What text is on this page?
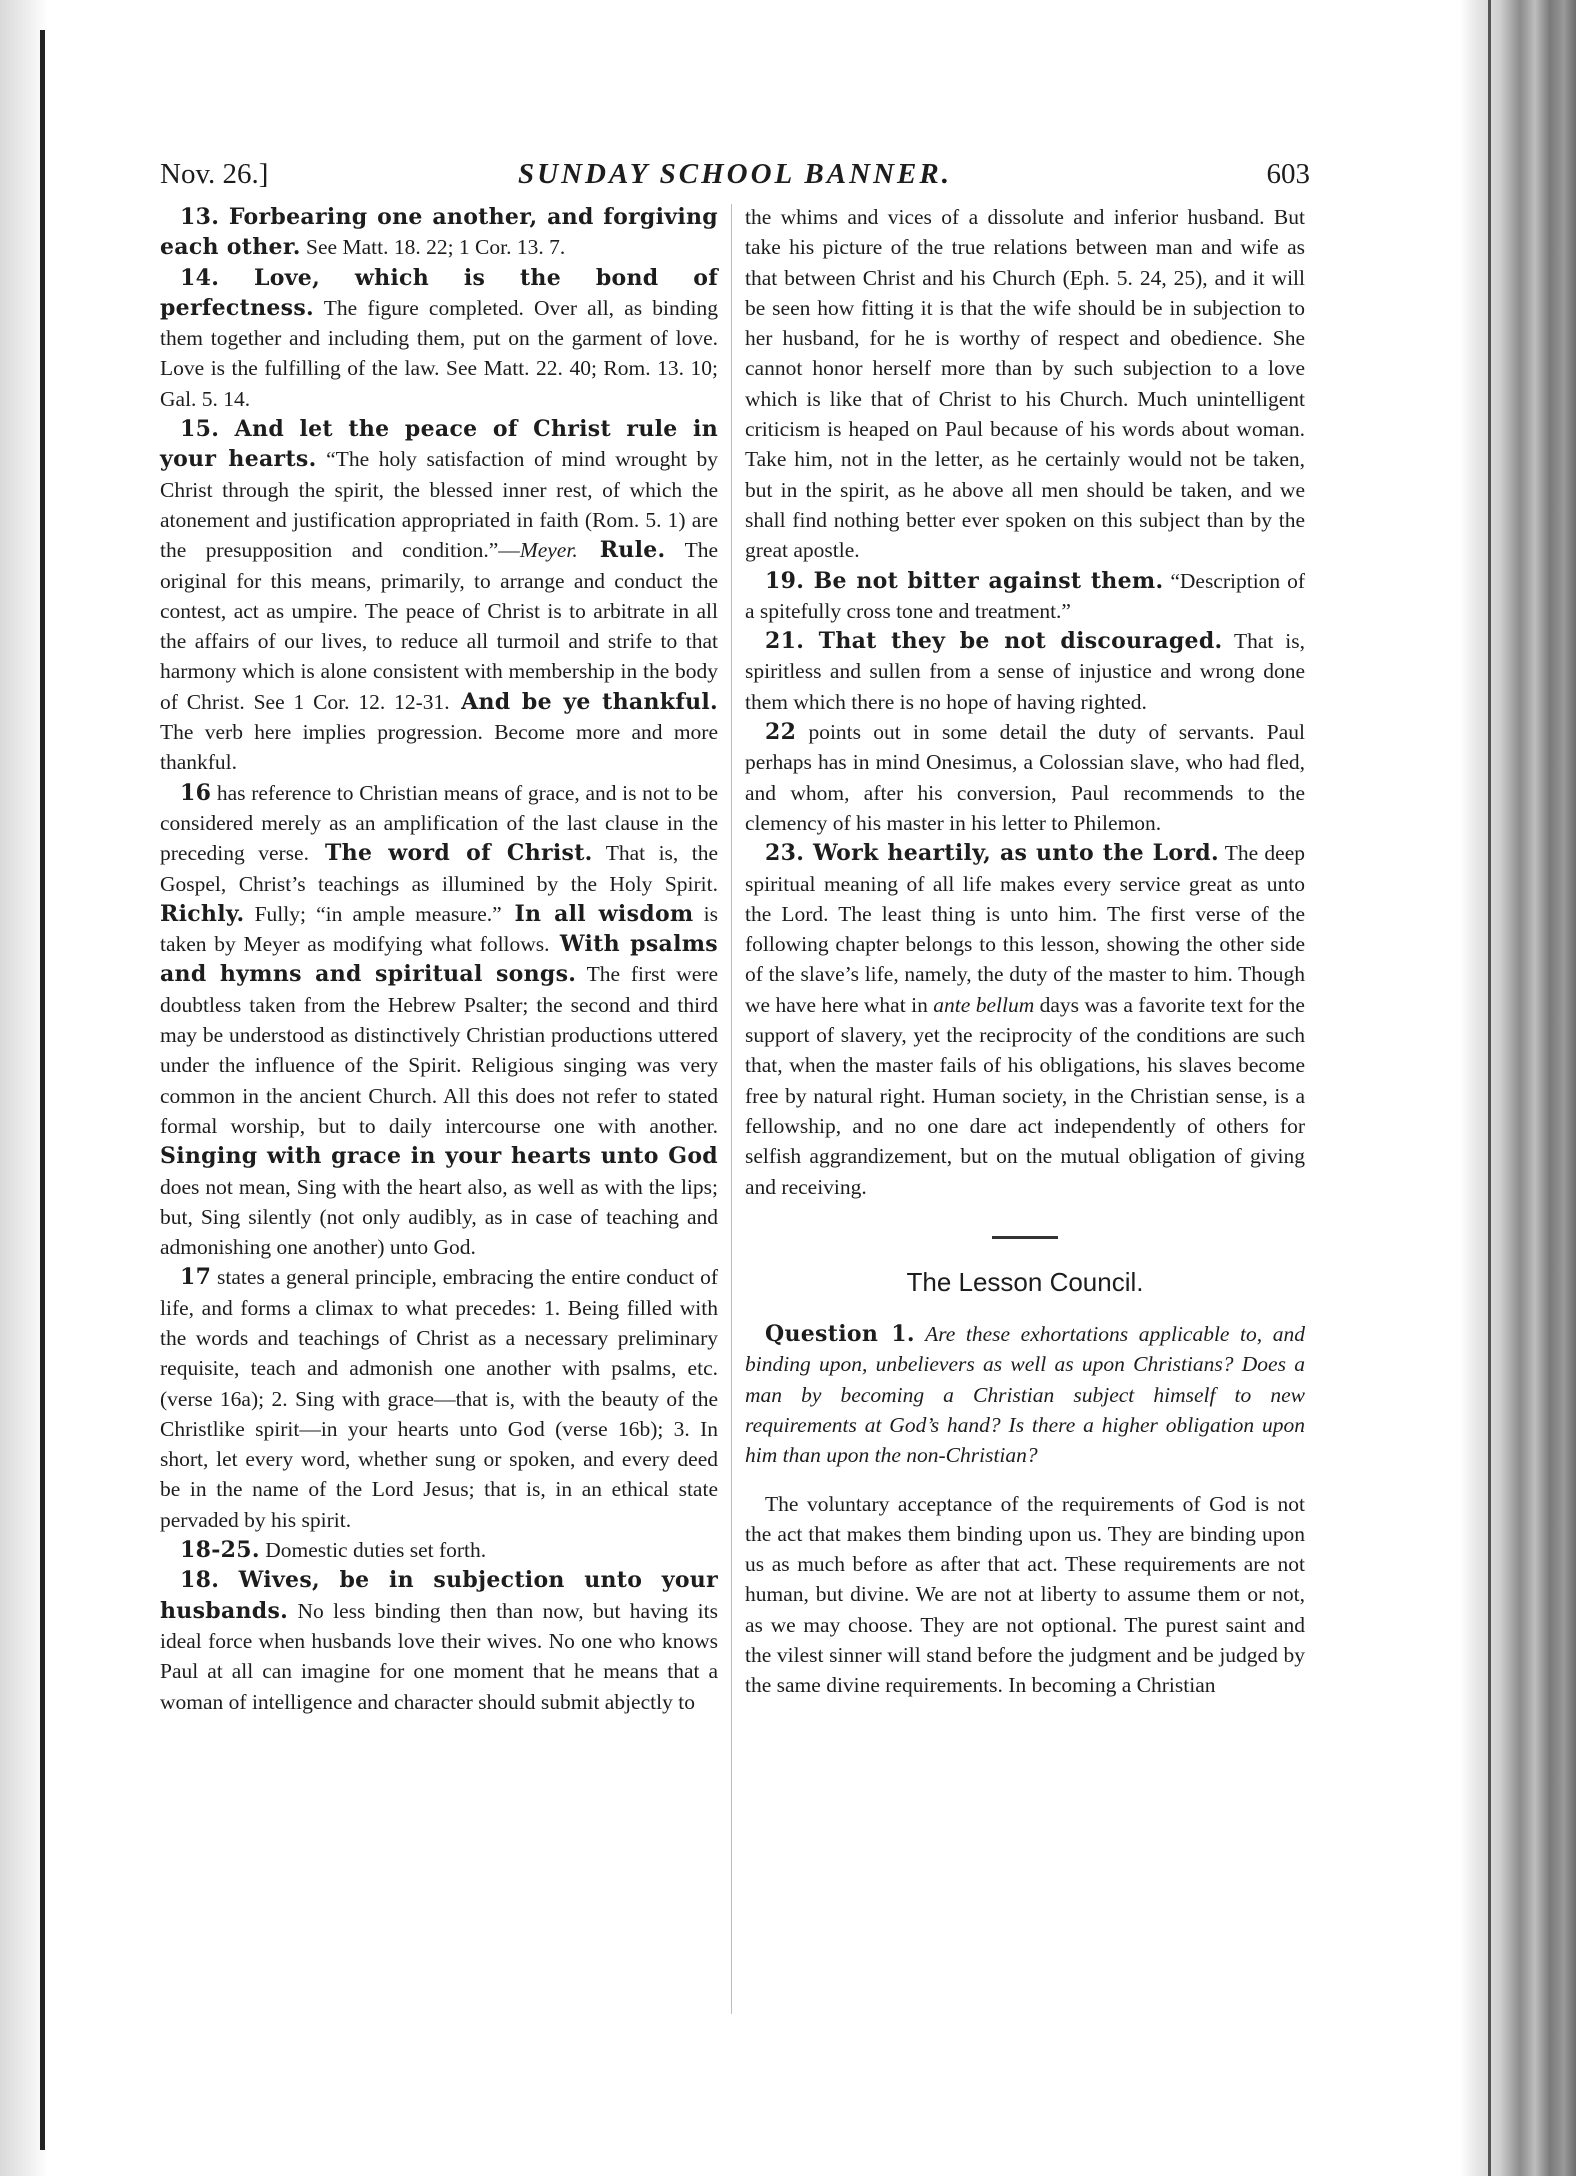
Nov. 26.]	SUNDAY SCHOOL BANNER.	603

13. Forbearing one another, and forgiving each other. See Matt. 18. 22; 1 Cor. 13. 7.

14. Love, which is the bond of perfectness. The figure completed. Over all, as binding them together and including them, put on the garment of love. Love is the fulfilling of the law. See Matt. 22. 40; Rom. 13. 10; Gal. 5. 14.

15. And let the peace of Christ rule in your hearts. “The holy satisfaction of mind wrought by Christ through the spirit, the blessed inner rest, of which the atonement and justification appropriated in faith (Rom. 5. 1) are the presupposition and condition.”—Meyer. Rule. The original for this means, primarily, to arrange and conduct the contest, act as umpire. The peace of Christ is to arbitrate in all the affairs of our lives, to reduce all turmoil and strife to that harmony which is alone consistent with membership in the body of Christ. See 1 Cor. 12. 12-31. And be ye thankful. The verb here implies progression. Become more and more thankful.

16 has reference to Christian means of grace, and is not to be considered merely as an amplification of the last clause in the preceding verse. The word of Christ. That is, the Gospel, Christ’s teachings as illumined by the Holy Spirit. Richly. Fully; “in ample measure.” In all wisdom is taken by Meyer as modifying what follows. With psalms and hymns and spiritual songs. The first were doubtless taken from the Hebrew Psalter; the second and third may be understood as distinctively Christian productions uttered under the influence of the Spirit. Religious singing was very common in the ancient Church. All this does not refer to stated formal worship, but to daily intercourse one with another. Singing with grace in your hearts unto God does not mean, Sing with the heart also, as well as with the lips; but, Sing silently (not only audibly, as in case of teaching and admonishing one another) unto God.

17 states a general principle, embracing the entire conduct of life, and forms a climax to what precedes: 1. Being filled with the words and teachings of Christ as a necessary preliminary requisite, teach and admonish one another with psalms, etc. (verse 16a); 2. Sing with grace—that is, with the beauty of the Christlike spirit—in your hearts unto God (verse 16b); 3. In short, let every word, whether sung or spoken, and every deed be in the name of the Lord Jesus; that is, in an ethical state pervaded by his spirit.

18-25. Domestic duties set forth.

18. Wives, be in subjection unto your husbands. No less binding then than now, but having its ideal force when husbands love their wives. No one who knows Paul at all can imagine for one moment that he means that a woman of intelligence and character should submit abjectly to

the whims and vices of a dissolute and inferior husband. But take his picture of the true relations between man and wife as that between Christ and his Church (Eph. 5. 24, 25), and it will be seen how fitting it is that the wife should be in subjection to her husband, for he is worthy of respect and obedience. She cannot honor herself more than by such subjection to a love which is like that of Christ to his Church. Much unintelligent criticism is heaped on Paul because of his words about woman. Take him, not in the letter, as he certainly would not be taken, but in the spirit, as he above all men should be taken, and we shall find nothing better ever spoken on this subject than by the great apostle.

19. Be not bitter against them. “Description of a spitefully cross tone and treatment.”

21. That they be not discouraged. That is, spiritless and sullen from a sense of injustice and wrong done them which there is no hope of having righted.

22 points out in some detail the duty of servants. Paul perhaps has in mind Onesimus, a Colossian slave, who had fled, and whom, after his conversion, Paul recommends to the clemency of his master in his letter to Philemon.

23. Work heartily, as unto the Lord. The deep spiritual meaning of all life makes every service great as unto the Lord. The least thing is unto him. The first verse of the following chapter belongs to this lesson, showing the other side of the slave’s life, namely, the duty of the master to him. Though we have here what in ante bellum days was a favorite text for the support of slavery, yet the reciprocity of the conditions are such that, when the master fails of his obligations, his slaves become free by natural right. Human society, in the Christian sense, is a fellowship, and no one dare act independently of others for selfish aggrandizement, but on the mutual obligation of giving and receiving.

The Lesson Council.

Question 1. Are these exhortations applicable to, and binding upon, unbelievers as well as upon Christians? Does a man by becoming a Christian subject himself to new requirements at God’s hand? Is there a higher obligation upon him than upon the non-Christian?

The voluntary acceptance of the requirements of God is not the act that makes them binding upon us. They are binding upon us as much before as after that act. These requirements are not human, but divine. We are not at liberty to assume them or not, as we may choose. They are not optional. The purest saint and the vilest sinner will stand before the judgment and be judged by the same divine requirements. In becoming a Christian
